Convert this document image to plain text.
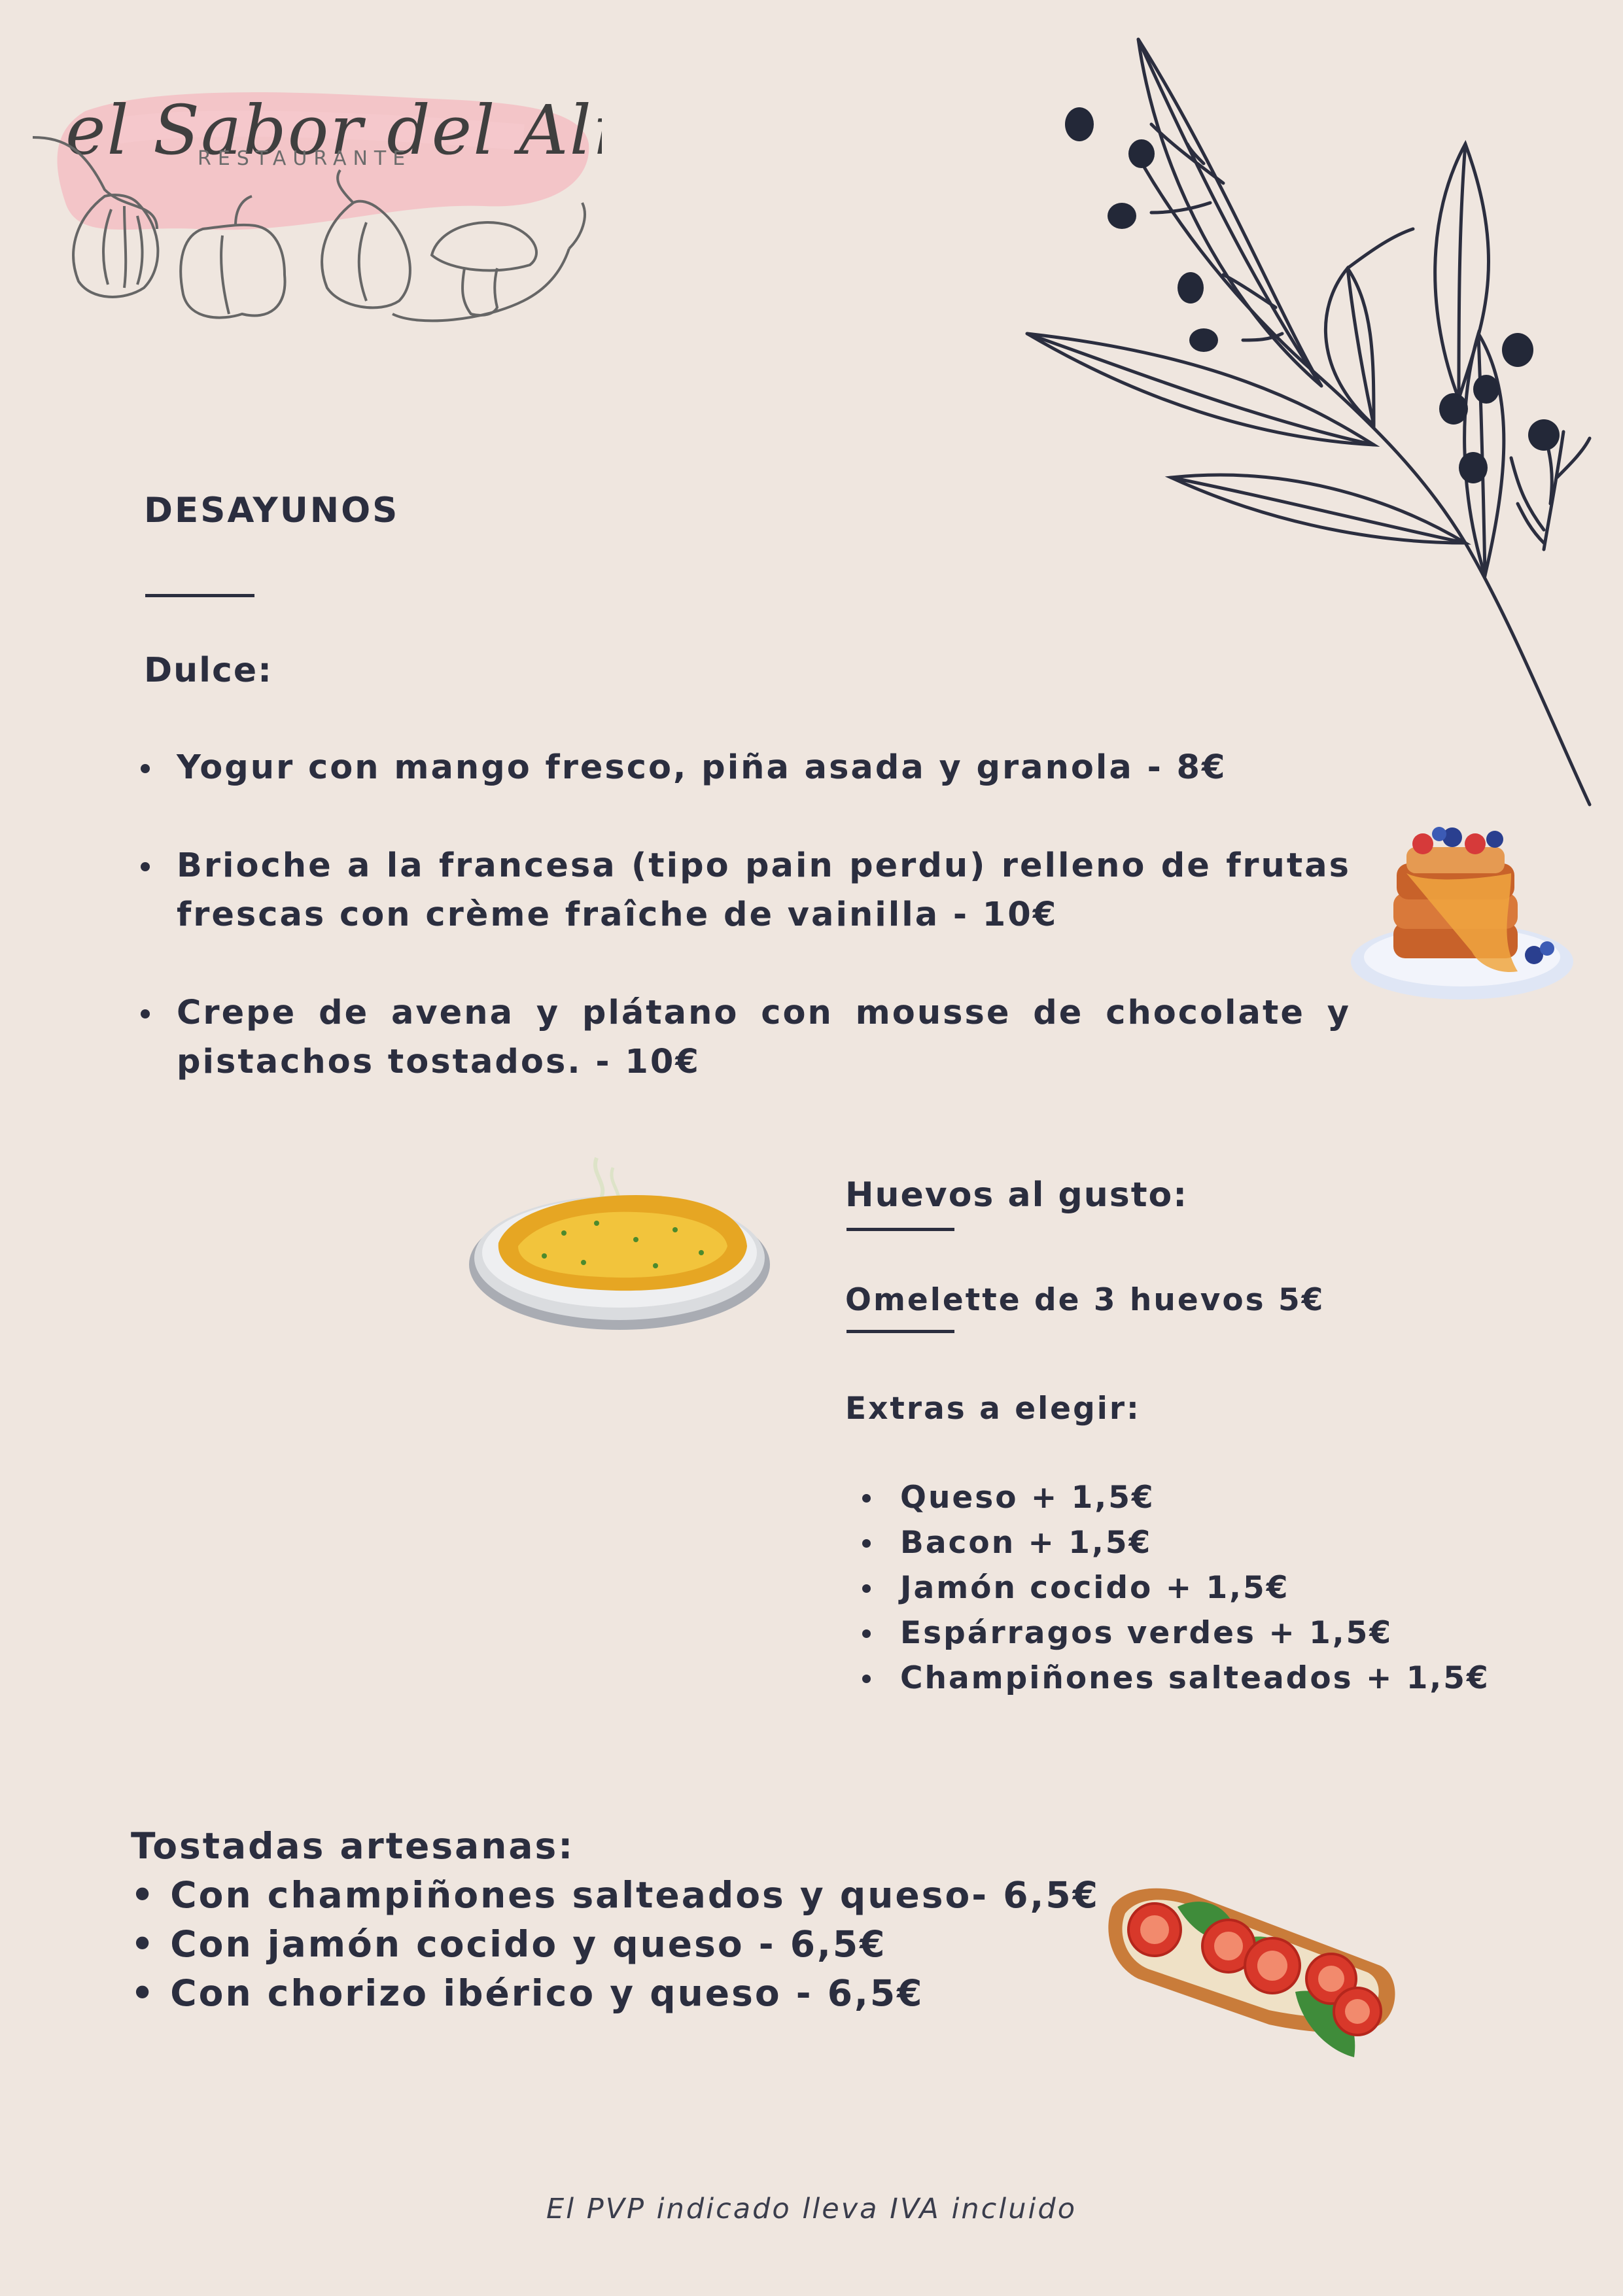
el Sabor del Al
RESTAURANTE
DESAYUNOS
Dulce:
Yogur con mango fresco, piña asada y granola - 8€
Brioche a la francesa (tipo pain perdu) relleno de frutas frescas con crème fraîche de vainilla - 10€
Crepe de avena y plátano con mousse de chocolate y pistachos tostados. - 10€
Huevos al gusto:
Omelette de 3 huevos 5€
Extras a elegir:
Queso + 1,5€
Bacon + 1,5€
Jamón cocido + 1,5€
Espárragos verdes + 1,5€
Champiñones salteados + 1,5€
Tostadas artesanas:
• Con champiñones salteados y queso- 6,5€
• Con jamón cocido y queso - 6,5€
• Con chorizo ibérico y queso - 6,5€
El PVP indicado lleva IVA incluido
